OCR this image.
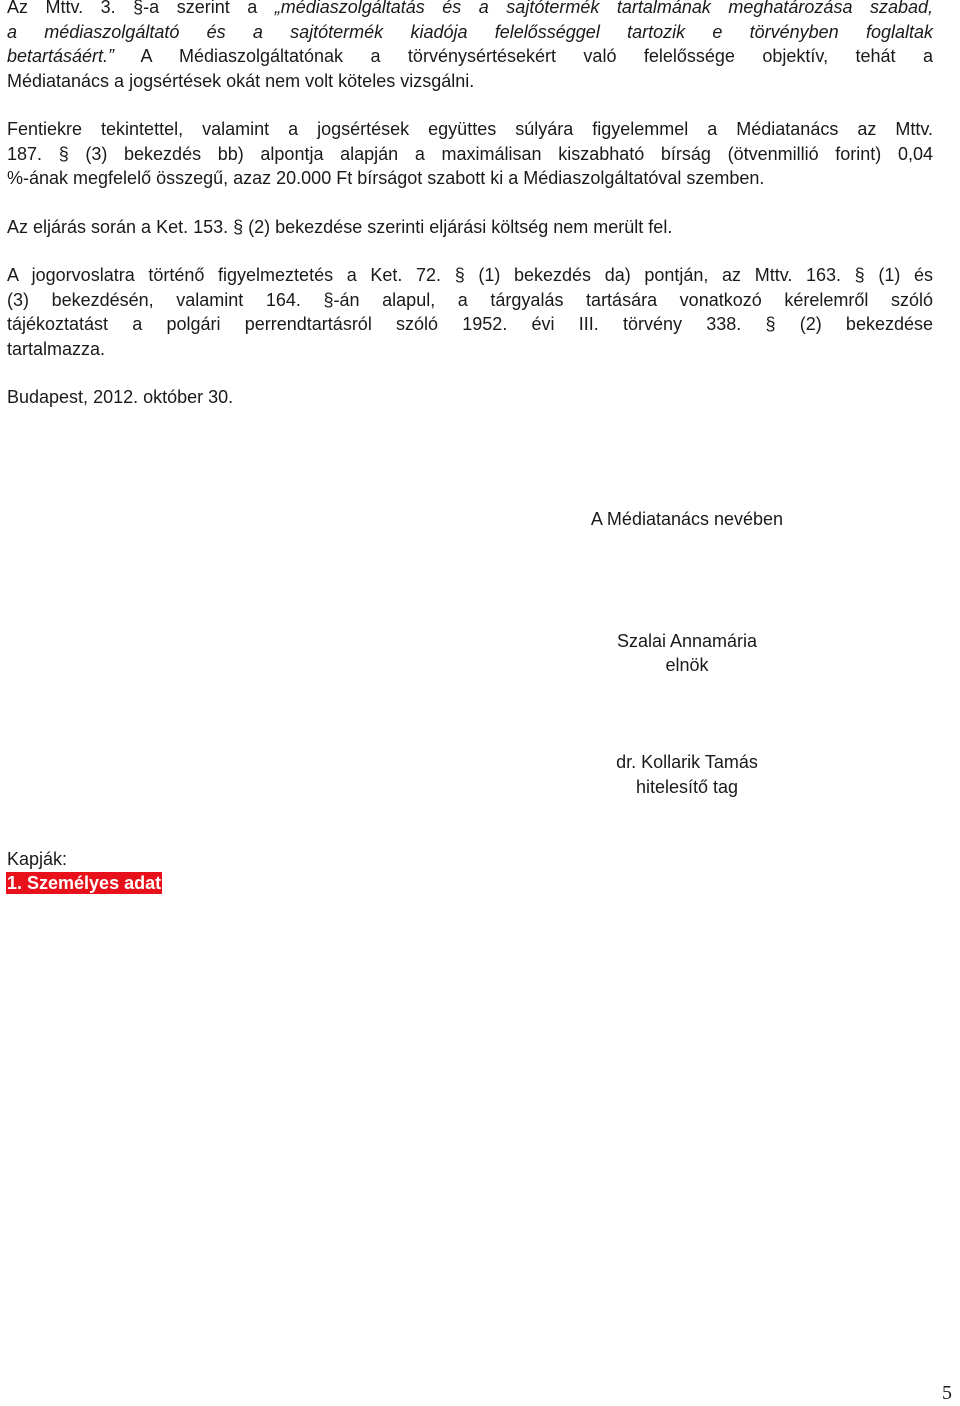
Az Mttv. 3. §-a szerint a „médiaszolgáltatás és a sajtótermék tartalmának meghatározása szabad,
a médiaszolgáltató és a sajtótermék kiadója felelősséggel tartozik e törvényben foglaltak
betartásáért.” A Médiaszolgáltatónak a törvénysértésekért való felelőssége objektív, tehát a
Médiatanács a jogsértések okát nem volt köteles vizsgálni.

Fentiekre tekintettel, valamint a jogsértések együttes súlyára figyelemmel a Médiatanács az Mttv.
187. § (3) bekezdés bb) alpontja alapján a maximálisan kiszabható bírság (ötvenmillió forint) 0,04
%-ának megfelelő összegű, azaz 20.000 Ft bírságot szabott ki a Médiaszolgáltatóval szemben.

Az eljárás során a Ket. 153. § (2) bekezdése szerinti eljárási költség nem merült fel.

A jogorvoslatra történő figyelmeztetés a Ket. 72. § (1) bekezdés da) pontján, az Mttv. 163. § (1) és
(3) bekezdésén, valamint 164. §-án alapul, a tárgyalás tartására vonatkozó kérelemről szóló
tájékoztatást a polgári perrendtartásról szóló 1952. évi III. törvény 338. § (2) bekezdése
tartalmazza.

Budapest, 2012. október 30.

A Médiatanács nevében

Szalai Annamária

elnök

dr. Kollarik Tamás

hitelesítő tag

Kapják:

1. Személyes adat
5
